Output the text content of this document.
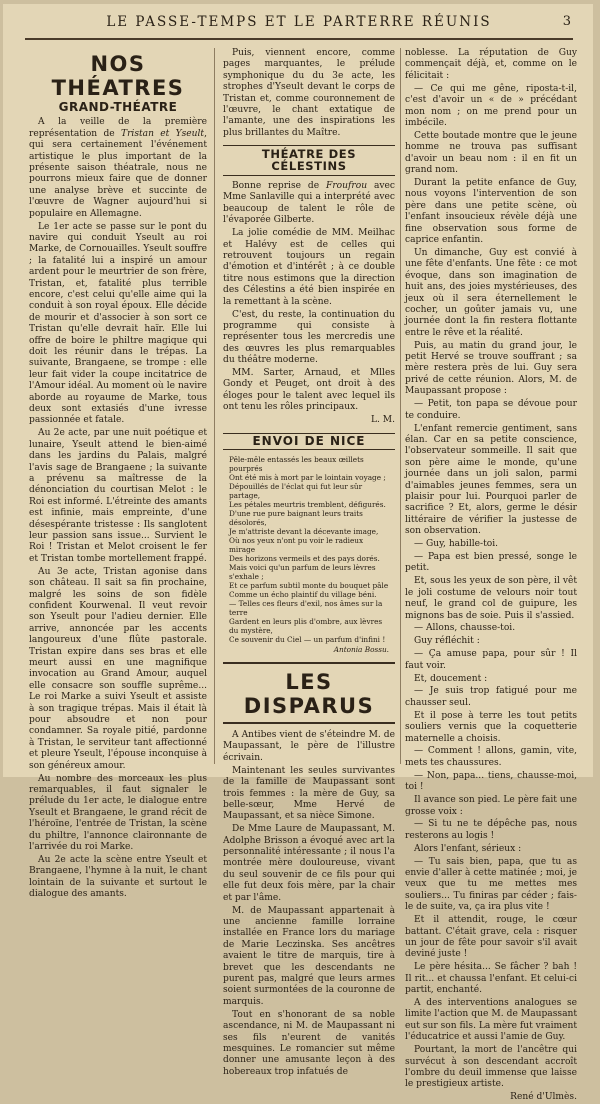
LE PASSE-TEMPS ET LE PARTERRE RÉUNIS	3
NOS THÉATRES
GRAND-THÉATRE

A la veille de la première représentation de Tristan et Yseult, qui sera certainement l'événement artistique le plus important de la présente saison théatrale, nous ne pourrons mieux faire que de donner une analyse brève et succinte de l'œuvre de Wagner aujourd'hui si populaire en Allemagne.

Le 1er acte se passe sur le pont du navire qui conduit Yseult au roi Marke, de Cornouailles. Yseult souffre ; la fatalité lui a inspiré un amour ardent pour le meurtrier de son frère, Tristan, et, fatalité plus terrible encore, c'est celui qu'elle aime qui la conduit à son royal époux. Elle décide de mourir et d'associer à son sort ce Tristan qu'elle devrait haïr. Elle lui offre de boire le philtre magique qui doit les réunir dans le trépas. La suivante, Brangaene, se trompe : elle leur fait vider la coupe incitatrice de l'Amour idéal. Au moment où le navire aborde au royaume de Marke, tous deux sont extasiés d'une ivresse passionnée et fatale.

Au 2e acte, par une nuit poétique et lunaire, Yseult attend le bien-aimé dans les jardins du Palais, malgré l'avis sage de Brangaene ; la suivante a prévenu sa maîtresse de la dénonciation du courtisan Melot : le Roi est informé. L'étreinte des amants est infinie, mais empreinte, d'une désespérante tristesse : Ils sanglotent leur passion sans issue... Survient le Roi ! Tristan et Melot croisent le fer et Tristan tombe mortellement frappé.

Au 3e acte, Tristan agonise dans son château. Il sait sa fin prochaine, malgré les soins de son fidèle confident Kourwenal. Il veut revoir son Yseult pour l'adieu dernier. Elle arrive, annoncée par les accents langoureux d'une flûte pastorale. Tristan expire dans ses bras et elle meurt aussi en une magnifique invocation au Grand Amour, auquel elle consacre son souffle suprême... Le roi Marke a suivi Yseult et assiste à son tragique trépas. Mais il était là pour absoudre et non pour condamner. Sa royale pitié, pardonne à Tristan, le serviteur tant affectionné et pleure Yseult, l'épouse inconquise à son généreux amour.

Au nombre des morceaux les plus remarquables, il faut signaler le prélude du 1er acte, le dialogue entre Yseult et Brangaene, le grand récit de l'héroïne, l'entrée de Tristan, la scène du philtre, l'annonce claironnante de l'arrivée du roi Marke.

Au 2e acte la scène entre Yseult et Brangaene, l'hymne à la nuit, le chant lointain de la suivante et surtout le dialogue des amants.

Puis, viennent encore, comme pages marquantes, le prélude symphonique du du 3e acte, les strophes d'Yseult devant le corps de Tristan et, comme couronnement de l'œuvre, le chant extatique de l'amante, une des inspirations les plus brillantes du Maître.

THÉATRE DES CÉLESTINS

Bonne reprise de Froufrou avec Mme Sanlaville qui a interprété avec beaucoup de talent le rôle de l'évaporée Gilberte.

La jolie comédie de MM. Meilhac et Halévy est de celles qui retrouvent toujours un regain d'émotion et d'intérêt ; à ce double titre nous estimons que la direction des Célestins a été bien inspirée en la remettant à la scène.

C'est, du reste, la continuation du programme qui consiste à représenter tous les mercredis une des œuvres les plus remarquables du théâtre moderne.

MM. Sarter, Arnaud, et Mlles Gondy et Peuget, ont droit à des éloges pour le talent avec lequel ils ont tenu les rôles principaux.

L. M.

ENVOI DE NICE

Pêle-mêle entassés les beaux œillets pourprés

Ont été mis à mort par le lointain voyage ;

Dépouillés de l'éclat qui fut leur sûr partage,

Les pétales meurtris tremblent, défigurés.

D'une rue pure baignant leurs traits désolorés,

Je m'attriste devant la décevante image,

Où nos yeux n'ont pu voir le radieux mirage

Des horizons vermeils et des pays dorés.

Mais voici qu'un parfum de leurs lèvres s'exhale ;

Et ce parfum subtil monte du bouquet pâle

Comme un écho plaintif du village béni.

— Telles ces fleurs d'exil, nos âmes sur la terre

Gardent en leurs plis d'ombre, aux lèvres du mystère,

Ce souvenir du Ciel — un parfum d'infini !

Antonia Bossu.

LES DISPARUS

A Antibes vient de s'éteindre M. de Maupassant, le père de l'illustre écrivain.

Maintenant les seules survivantes de la famille de Maupassant sont trois femmes : la mère de Guy, sa belle-sœur, Mme Hervé de Maupassant, et sa nièce Simone.

De Mme Laure de Maupassant, M. Adolphe Brisson a évoqué avec art la personnalité intéressante ; il nous l'a montrée mère douloureuse, vivant du seul souvenir de ce fils pour qui elle fut deux fois mère, par la chair et par l'âme.

M. de Maupassant appartenait à une ancienne famille lorraine installée en France lors du mariage de Marie Leczinska. Ses ancêtres avaient le titre de marquis, tire à brevet que les descendants ne purent pas, malgré que leurs armes soient surmontées de la couronne de marquis.

Tout en s'honorant de sa noble ascendance, ni M. de Maupassant ni ses fils n'eurent de vanités mesquines. Le romancier sut même donner une amusante leçon à des hobereaux trop infatués de

noblesse. La réputation de Guy commençait déjà, et, comme on le félicitait :

— Ce qui me gêne, riposta-t-il, c'est d'avoir un « de » précédant mon nom ; on me prend pour un imbécile.

Cette boutade montre que le jeune homme ne trouva pas suffisant d'avoir un beau nom : il en fit un grand nom.

Durant la petite enfance de Guy, nous voyons l'intervention de son père dans une petite scène, où l'enfant insoucieux révèle déjà une fine observation sous forme de caprice enfantin.

Un dimanche, Guy est convié à une fête d'enfants. Une fête : ce mot évoque, dans son imagination de huit ans, des joies mystérieuses, des jeux où il sera éternellement le cocher, un goûter jamais vu, une journée dont la fin restera flottante entre le rêve et la réalité.

Puis, au matin du grand jour, le petit Hervé se trouve souffrant ; sa mère restera près de lui. Guy sera privé de cette réunion. Alors, M. de Maupassant propose :

— Petit, ton papa se dévoue pour te conduire.

L'enfant remercie gentiment, sans élan. Car en sa petite conscience, l'observateur sommeille. Il sait que son père aime le monde, qu'une journée dans un joli salon, parmi d'aimables jeunes femmes, sera un plaisir pour lui. Pourquoi parler de sacrifice ? Et, alors, germe le désir littéraire de vérifier la justesse de son observation.

— Guy, habille-toi.

— Papa est bien pressé, songe le petit.

Et, sous les yeux de son père, il vêt le joli costume de velours noir tout neuf, le grand col de guipure, les mignons bas de soie. Puis il s'assied.

— Allons, chausse-toi.

Guy réfléchit :

— Ça amuse papa, pour sûr ! Il faut voir.

Et, doucement :

— Je suis trop fatigué pour me chausser seul.

Et il pose à terre les tout petits souliers vernis que la coquetterie maternelle a choisis.

— Comment ! allons, gamin, vite, mets tes chaussures.

— Non, papa... tiens, chausse-moi, toi !

Il avance son pied. Le père fait une grosse voix :

— Si tu ne te dépêche pas, nous resterons au logis !

Alors l'enfant, sérieux :

— Tu sais bien, papa, que tu as envie d'aller à cette matinée ; moi, je veux que tu me mettes mes souliers... Tu finiras par céder ; fais-le de suite, va, ça ira plus vite !

Et il attendit, rouge, le cœur battant. C'était grave, cela : risquer un jour de fête pour savoir s'il avait deviné juste !

Le père hésita... Se fâcher ? bah ! Il rit... et chaussa l'enfant. Et celui-ci partit, enchanté.

A des interventions analogues se limite l'action que M. de Maupassant eut sur son fils. La mère fut vraiment l'éducatrice et aussi l'amie de Guy.

Pourtant, la mort de l'ancêtre qui survécut à son descendant accroît l'ombre du deuil immense que laisse le prestigieux artiste.

René d'Ulmès.
